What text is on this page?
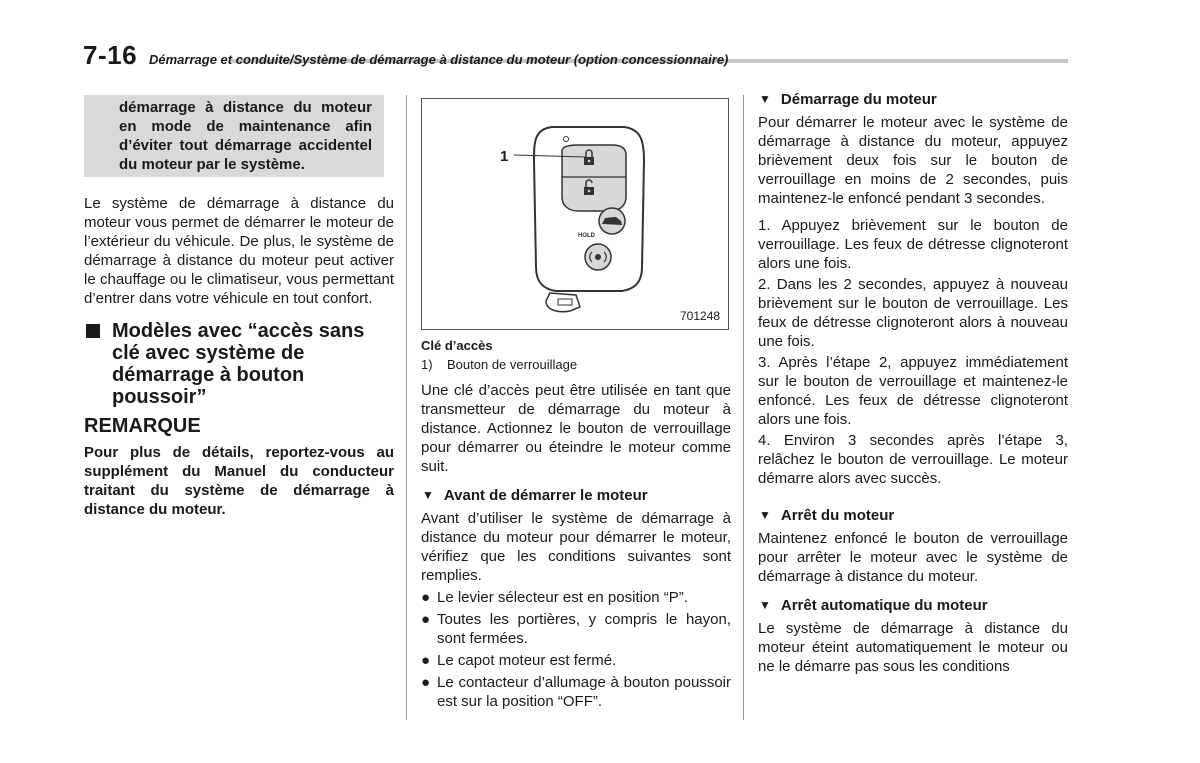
7-16 Démarrage et conduite/Système de démarrage à distance du moteur (option concessionnaire)
démarrage à distance du moteur en mode de maintenance afin d’éviter tout démarrage accidentel du moteur par le système.

Le système de démarrage à distance du moteur vous permet de démarrer le moteur de l’extérieur du véhicule. De plus, le système de démarrage à distance du moteur peut activer le chauffage ou le climatiseur, vous permettant d’entrer dans votre véhicule en tout confort.

Modèles avec “accès sans clé avec système de démarrage à bouton poussoir”
REMARQUE

Pour plus de détails, reportez-vous au supplément du Manuel du conducteur traitant du système de démarrage à distance du moteur.

HOLD
1
701248
Clé d’accès
1)    Bouton de verrouillage

Une clé d’accès peut être utilisée en tant que transmetteur de démarrage du moteur à distance. Actionnez le bouton de verrouillage pour démarrer ou éteindre le moteur comme suit.

▼ Avant de démarrer le moteur

Avant d’utiliser le système de démarrage à distance du moteur pour démarrer le moteur, vérifiez que les conditions suivantes sont remplies.

● Le levier sélecteur est en position “P”.
● Toutes les portières, y compris le hayon, sont fermées.
● Le capot moteur est fermé.
● Le contacteur d’allumage à bouton poussoir est sur la position “OFF”.
▼ Démarrage du moteur

Pour démarrer le moteur avec le système de démarrage à distance du moteur, appuyez brièvement deux fois sur le bouton de verrouillage en moins de 2 secondes, puis maintenez-le enfoncé pendant 3 secondes.

1. Appuyez brièvement sur le bouton de verrouillage. Les feux de détresse clignoteront alors une fois.

2. Dans les 2 secondes, appuyez à nouveau brièvement sur le bouton de verrouillage. Les feux de détresse clignoteront alors à nouveau une fois.

3. Après l’étape 2, appuyez immédiatement sur le bouton de verrouillage et maintenez-le enfoncé. Les feux de détresse clignoteront alors une fois.

4. Environ 3 secondes après l’étape 3, relâchez le bouton de verrouillage. Le moteur démarre alors avec succès.

▼ Arrêt du moteur

Maintenez enfoncé le bouton de verrouillage pour arrêter le moteur avec le système de démarrage à distance du moteur.

▼ Arrêt automatique du moteur

Le système de démarrage à distance du moteur éteint automatiquement le moteur ou ne le démarre pas sous les conditions
